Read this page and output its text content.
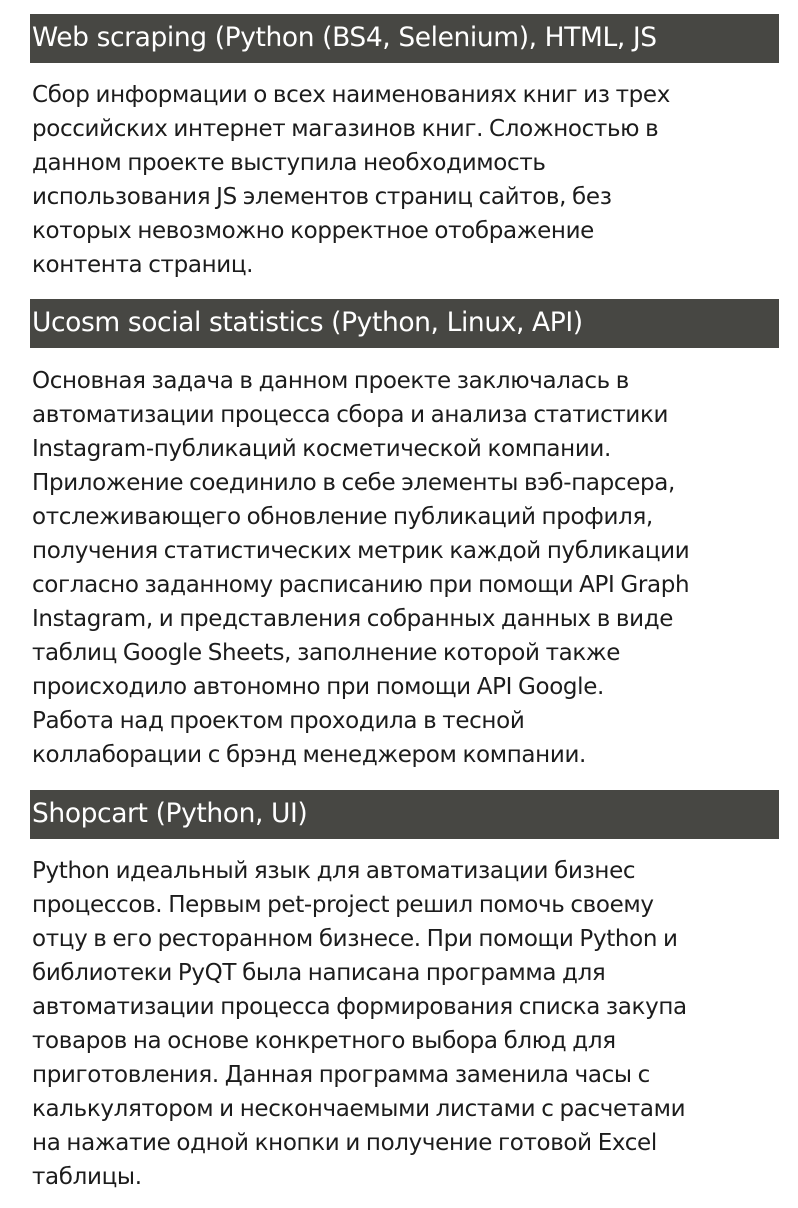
Web scraping (Python (BS4, Selenium), HTML, JS

Сбор информации о всех наименованиях книг из трех
российских интернет магазинов книг. Сложностью в
данном проекте выступила необходимость
использования JS элементов страниц сайтов, без
которых невозможно корректное отображение
контента страниц.

Ucosm social statistics (Python, Linux, API)

Основная задача в данном проекте заключалась в
автоматизации процесса сбора и анализа статистики
Instagram-публикаций косметической компании.
Приложение соединило в себе элементы вэб-парсера,
отслеживающего обновление публикаций профиля,
получения статистических метрик каждой публикации
согласно заданному расписанию при помощи API Graph
Instagram, и представления собранных данных в виде
таблиц Google Sheets, заполнение которой также
происходило автономно при помощи API Google.
Работа над проектом проходила в тесной
коллаборации с брэнд менеджером компании.

Shopcart (Python, UI)

Python идеальный язык для автоматизации бизнес
процессов. Первым pet-project решил помочь своему
отцу в его ресторанном бизнесе. При помощи Python и
библиотеки PyQT была написана программа для
автоматизации процесса формирования списка закупа
товаров на основе конкретного выбора блюд для
приготовления. Данная программа заменила часы с
калькулятором и нескончаемыми листами с расчетами
на нажатие одной кнопки и получение готовой Excel
таблицы.
